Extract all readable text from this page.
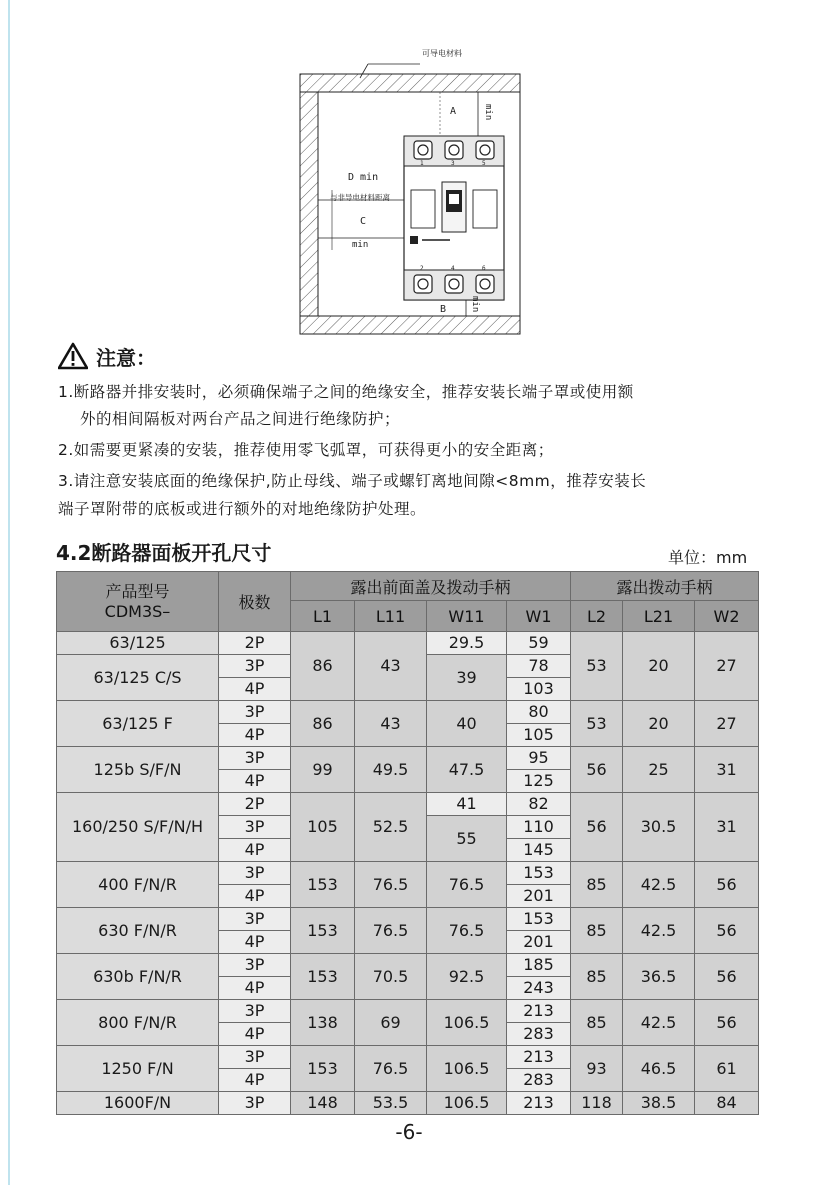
可导电材料
A	min
D min
与非导电材料距离
C
min
B	min
1	3	5
2	4	6
注意：
1.断路器并排安装时，必须确保端子之间的绝缘安全，推荐安装长端子罩或使用额
外的相间隔板对两台产品之间进行绝缘防护；
2.如需要更紧凑的安装，推荐使用零飞弧罩，可获得更小的安全距离；
3.请注意安装底面的绝缘保护,防止母线、端子或螺钉离地间隙<8mm，推荐安装长
端子罩附带的底板或进行额外的对地绝缘防护处理。
4.2断路器面板开孔尺寸	单位：mm
产品型号
CDM3S–	极数	露出前面盖及拨动手柄				露出拨动手柄		
		L1	L11	W11	W1	L2	L21	W2
63/125	2P	86	43	29.5	59	53	20	27
63/125 C/S	3P			39	78			
	4P				103			
63/125 F	3P	86	43	40	80	53	20	27
	4P				105			
125b S/F/N	3P	99	49.5	47.5	95	56	25	31
	4P				125			
160/250 S/F/N/H	2P	105	52.5	41	82	56	30.5	31
	3P			55	110			
	4P				145			
400 F/N/R	3P	153	76.5	76.5	153	85	42.5	56
	4P				201			
630 F/N/R	3P	153	76.5	76.5	153	85	42.5	56
	4P				201			
630b F/N/R	3P	153	70.5	92.5	185	85	36.5	56
	4P				243			
800 F/N/R	3P	138	69	106.5	213	85	42.5	56
	4P				283			
1250 F/N	3P	153	76.5	106.5	213	93	46.5	61
	4P				283			
1600F/N	3P	148	53.5	106.5	213	118	38.5	84
-6-
